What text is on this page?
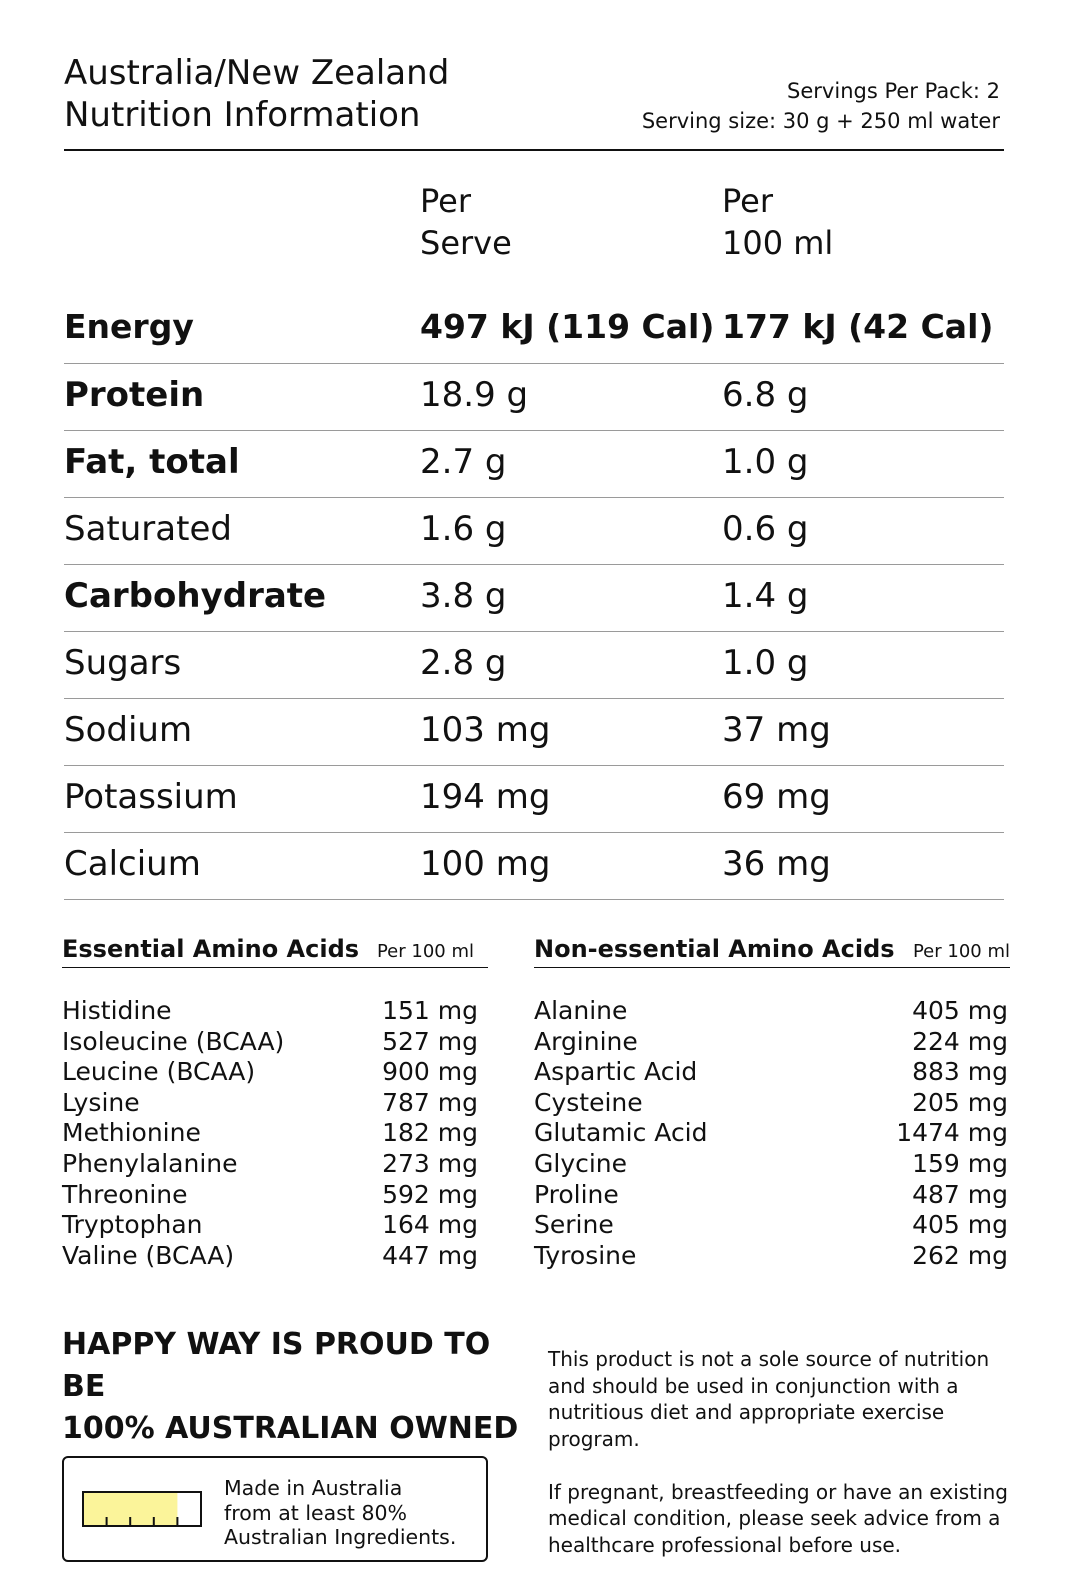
Australia/New Zealand
Nutrition Information
Servings Per Pack: 2
Serving size: 30 g + 250 ml water
Per
Serve
Per
100 ml
Energy	497 kJ (119 Cal) 177 kJ (42 Cal)
Protein	18.9 g	6.8 g
Fat, total	2.7 g	1.0 g
Saturated	1.6 g	0.6 g
Carbohydrate	3.8 g	1.4 g
Sugars	2.8 g	1.0 g
Sodium	103 mg	37 mg
Potassium	194 mg	69 mg
Calcium	100 mg	36 mg
Essential Amino Acids Per 100 ml
Histidine	151 mg
Isoleucine (BCAA)	527 mg
Leucine (BCAA)	900 mg
Lysine	787 mg
Methionine	182 mg
Phenylalanine	273 mg
Threonine	592 mg
Tryptophan	164 mg
Valine (BCAA)	447 mg
Non-essential Amino Acids Per 100 ml
Alanine	405 mg
Arginine	224 mg
Aspartic Acid	883 mg
Cysteine	205 mg
Glutamic Acid	1474 mg
Glycine	159 mg
Proline	487 mg
Serine	405 mg
Tyrosine	262 mg
HAPPY WAY IS PROUD TO BE
100% AUSTRALIAN OWNED
Made in Australia
from at least 80%
Australian Ingredients.

This product is not a sole source of nutrition and should be used in conjunction with a nutritious diet and appropriate exercise program.

If pregnant, breastfeeding or have an existing medical condition, please seek advice from a healthcare professional before use.
